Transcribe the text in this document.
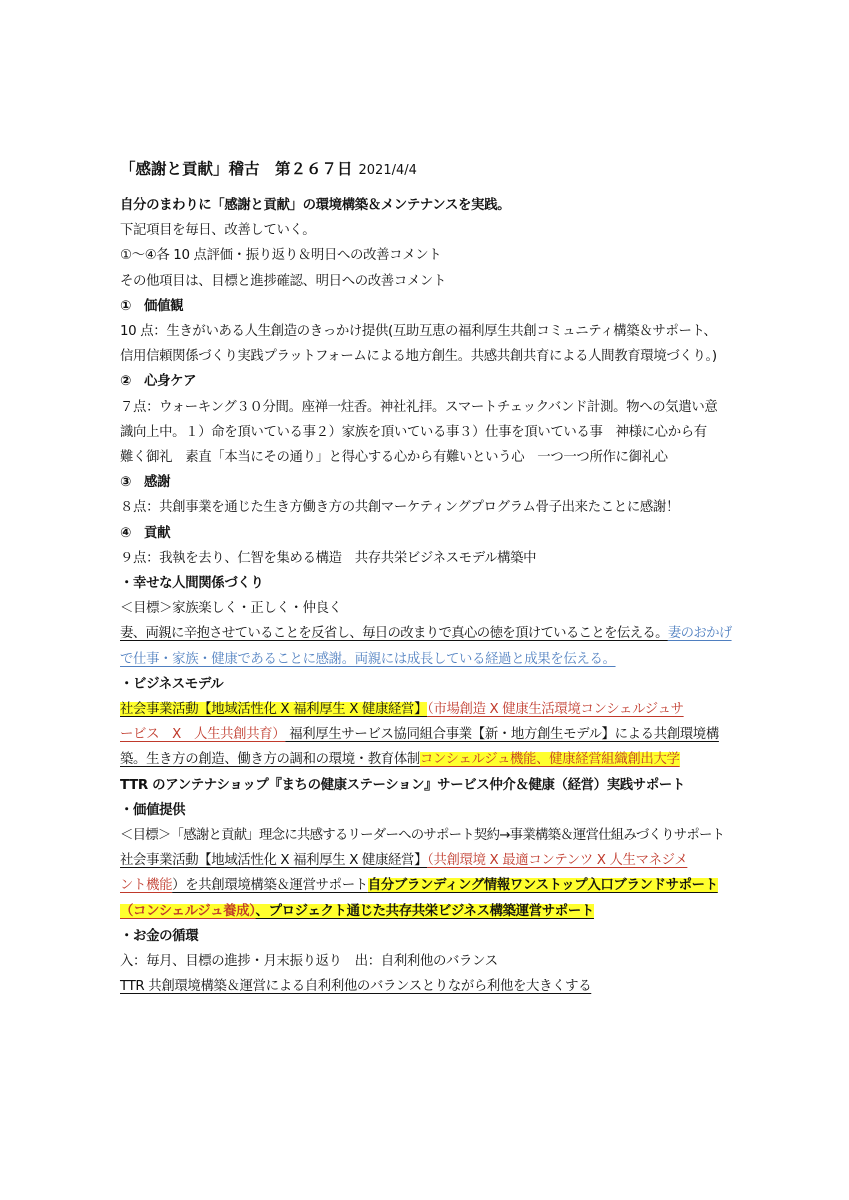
「感謝と貢献」稽古　第２６７日 2021/4/4
自分のまわりに「感謝と貢献」の環境構築＆メンテナンスを実践。
下記項目を毎日、改善していく。
①～④各 10 点評価・振り返り＆明日への改善コメント
その他項目は、目標と進捗確認、明日への改善コメント
①　価値観
10 点：生きがいある人生創造のきっかけ提供(互助互恵の福利厚生共創コミュニティ構築＆サポート、
信用信頼関係づくり実践プラットフォームによる地方創生。共感共創共育による人間教育環境づくり。)
②　心身ケア
７点：ウォーキング３０分間。座禅一炷香。神社礼拝。スマートチェックバンド計測。物への気遣い意
識向上中。１）命を頂いている事２）家族を頂いている事３）仕事を頂いている事　神様に心から有
難く御礼　素直「本当にその通り」と得心する心から有難いという心　一つ一つ所作に御礼心
③　感謝
８点：共創事業を通じた生き方働き方の共創マーケティングプログラム骨子出来たことに感謝！
④　貢献
９点：我執を去り、仁智を集める構造　共存共栄ビジネスモデル構築中
・幸せな人間関係づくり
＜目標＞家族楽しく・正しく・仲良く
妻、両親に辛抱させていることを反省し、毎日の改まりで真心の徳を頂けていることを伝える。妻のおかげ
で仕事・家族・健康であることに感謝。両親には成長している経過と成果を伝える。
・ビジネスモデル
社会事業活動【地域活性化 X 福利厚生 X 健康経営】（市場創造 X 健康生活環境コンシェルジュサ
ービス　X　人生共創共育） 福利厚生サービス協同組合事業【新・地方創生モデル】による共創環境構
築。生き方の創造、働き方の調和の環境・教育体制コンシェルジュ機能、健康経営組織創出大学
TTR のアンテナショップ『まちの健康ステーション』サービス仲介＆健康（経営）実践サポート
・価値提供
＜目標＞「感謝と貢献」理念に共感するリーダーへのサポート契約→事業構築＆運営仕組みづくりサポート
社会事業活動【地域活性化 X 福利厚生 X 健康経営】（共創環境 X 最適コンテンツ X 人生マネジメ
ント機能）を共創環境構築＆運営サポート自分ブランディング情報ワンストップ入口ブランドサポート
（コンシェルジュ養成）、プロジェクト通じた共存共栄ビジネス構築運営サポート
・お金の循環
入：毎月、目標の進捗・月末振り返り　出：自利利他のバランス
TTR 共創環境構築＆運営による自利利他のバランスとりながら利他を大きくする
